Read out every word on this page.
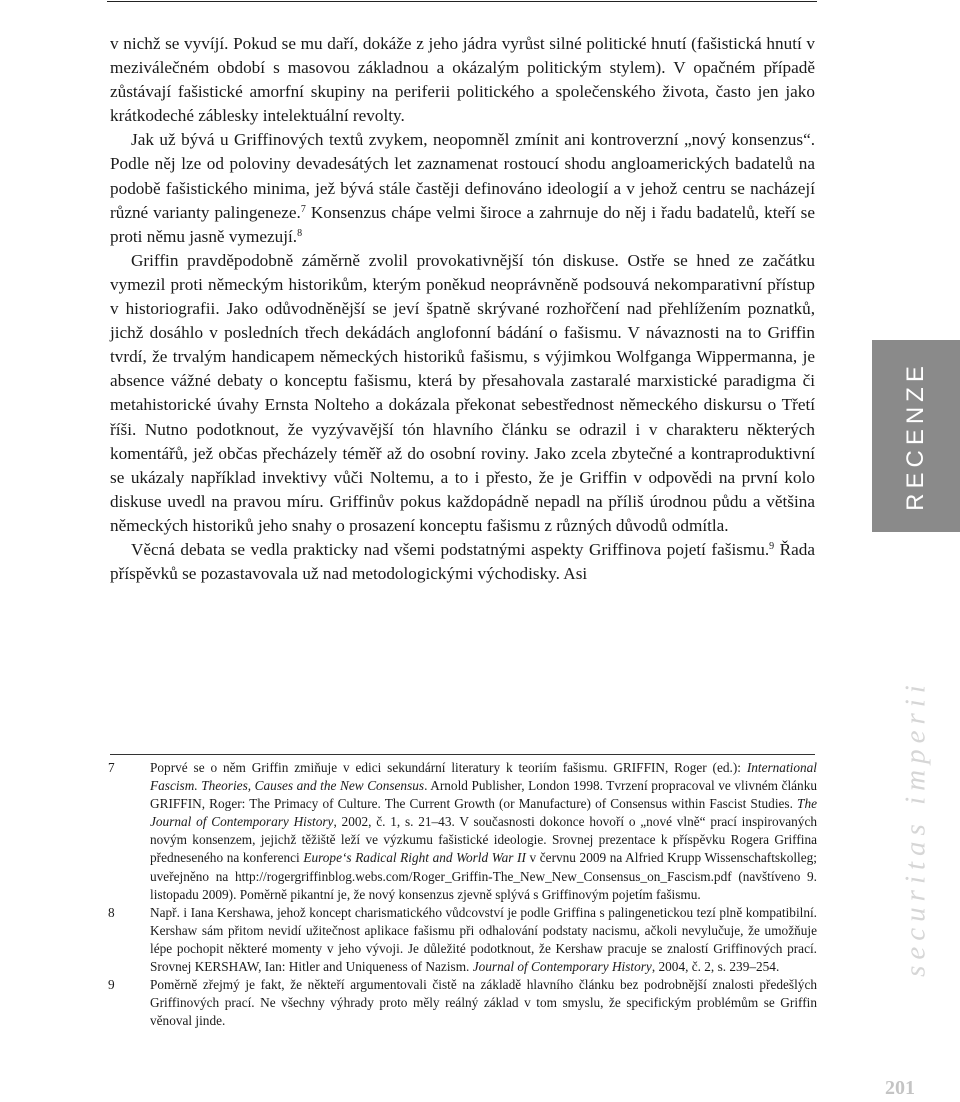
v nichž se vyvíjí. Pokud se mu daří, dokáže z jeho jádra vyrůst silné politické hnutí (fašistická hnutí v meziválečném období s masovou základnou a okázalým politickým stylem). V opačném případě zůstávají fašistické amorfní skupiny na periferii politického a společenského života, často jen jako krátkodeché záblesky intelektuální revolty.

Jak už bývá u Griffinových textů zvykem, neopomněl zmínit ani kontroverzní „nový konsenzus“. Podle něj lze od poloviny devadesátých let zaznamenat rostoucí shodu angloamerických badatelů na podobě fašistického minima, jež bývá stále častěji definováno ideologií a v jehož centru se nacházejí různé varianty palingeneze.$^7$ Konsenzus chápe velmi široce a zahrnuje do něj i řadu badatelů, kteří se proti němu jasně vymezují.$^8$

Griffin pravděpodobně záměrně zvolil provokativnější tón diskuse. Ostře se hned ze začátku vymezil proti německým historikům, kterým poněkud neoprávněně podsouvá nekomparativní přístup v historiografii. Jako odůvodněnější se jeví špatně skrývané rozhořčení nad přehlížením poznatků, jichž dosáhlo v posledních třech dekádách anglofonní bádání o fašismu. V návaznosti na to Griffin tvrdí, že trvalým handicapem německých historiků fašismu, s výjimkou Wolfganga Wippermanna, je absence vážné debaty o konceptu fašismu, která by přesahovala zastaralé marxistické paradigma či metahistorické úvahy Ernsta Nolteho a dokázala překonat sebestřednost německého diskursu o Třetí říši. Nutno podotknout, že vyzývavější tón hlavního článku se odrazil i v charakteru některých komentářů, jež občas přecházely téměř až do osobní roviny. Jako zcela zbytečné a kontraproduktivní se ukázaly například invektivy vůči Noltemu, a to i přesto, že je Griffin v odpovědi na první kolo diskuse uvedl na pravou míru. Griffinův pokus každopádně nepadl na příliš úrodnou půdu a většina německých historiků jeho snahy o prosazení konceptu fašismu z různých důvodů odmítla.

Věcná debata se vedla prakticky nad všemi podstatnými aspekty Griffinova pojetí fašismu.$^9$ Řada příspěvků se pozastavovala už nad metodologickými východisky. Asi

7	Poprvé se o něm Griffin zmiňuje v edici sekundární literatury k teoriím fašismu. GRIFFIN, Roger (ed.): International Fascism. Theories, Causes and the New Consensus. Arnold Publisher, London 1998. Tvrzení propracoval ve vlivném článku GRIFFIN, Roger: The Primacy of Culture. The Current Growth (or Manufacture) of Consensus within Fascist Studies. The Journal of Contemporary History, 2002, č. 1, s. 21–43. V současnosti dokonce hovoří o „nové vlně“ prací inspirovaných novým konsenzem, jejichž těžiště leží ve výzkumu fašistické ideologie. Srovnej prezentace k příspěvku Rogera Griffina předneseného na konferenci Europe‘s Radical Right and World War II v červnu 2009 na Alfried Krupp Wissenschaftskolleg; uveřejněno na http://rogergriffinblog.webs.com/Roger_Griffin-The_New_New_Consensus_on_Fascism.pdf (navštíveno 9. listopadu 2009). Poměrně pikantní je, že nový konsenzus zjevně splývá s Griffinovým pojetím fašismu.
8	Např. i Iana Kershawa, jehož koncept charismatického vůdcovství je podle Griffina s palingenetickou tezí plně kompatibilní. Kershaw sám přitom nevidí užitečnost aplikace fašismu při odhalování podstaty nacismu, ačkoli nevylučuje, že umožňuje lépe pochopit některé momenty v jeho vývoji. Je důležité podotknout, že Kershaw pracuje se znalostí Griffinových prací. Srovnej KERSHAW, Ian: Hitler and Uniqueness of Nazism. Journal of Contemporary History, 2004, č. 2, s. 239–254.
9	Poměrně zřejmý je fakt, že někteří argumentovali čistě na základě hlavního článku bez podrobnější znalosti předešlých Griffinových prací. Ne všechny výhrady proto měly reálný základ v tom smyslu, že specifickým problémům se Griffin věnoval jinde.
RECENZE
securitas imperii
201
